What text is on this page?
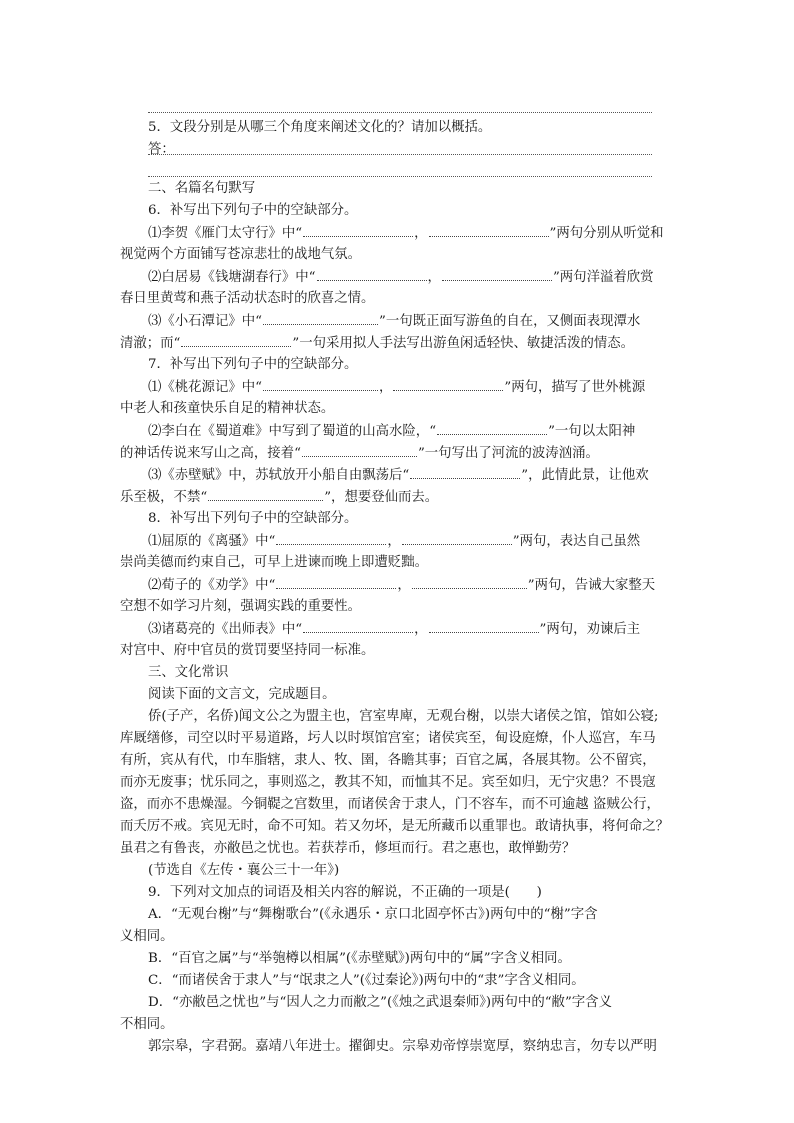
5．文段分别是从哪三个角度来阐述文化的？请加以概括。
答：
二、名篇名句默写
6．补写出下列句子中的空缺部分。
⑴李贺《雁门太守行》中“	，	”两句分别从听觉和
视觉两个方面铺写苍凉悲壮的战地气氛。
⑵白居易《钱塘湖春行》中“	，	”两句洋溢着欣赏
春日里黄莺和燕子活动状态时的欣喜之情。
⑶《小石潭记》中“	”一句既正面写游鱼的自在，又侧面表现潭水
清澈；而“	”一句采用拟人手法写出游鱼闲适轻快、敏捷活泼的情态。
7．补写出下列句子中的空缺部分。
⑴《桃花源记》中“	，	”两句，描写了世外桃源
中老人和孩童快乐自足的精神状态。
⑵李白在《蜀道难》中写到了蜀道的山高水险，“	”一句以太阳神
的神话传说来写山之高，接着“	”一句写出了河流的波涛汹涌。
⑶《赤壁赋》中，苏轼放开小船自由飘荡后“	”，此情此景，让他欢
乐至极，不禁“	”，想要登仙而去。
8．补写出下列句子中的空缺部分。
⑴屈原的《离骚》中“	，	”两句，表达自己虽然
崇尚美德而约束自己，可早上进谏而晚上即遭贬黜。
⑵荀子的《劝学》中“	，	”两句，告诫大家整天
空想不如学习片刻，强调实践的重要性。
⑶诸葛亮的《出师表》中“	，	”两句，劝谏后主
对宫中、府中官员的赏罚要坚持同一标准。
三、文化常识
阅读下面的文言文，完成题目。
侨(子产，名侨)闻文公之为盟主也，宫室卑庳，无观台榭，以崇大诸侯之馆，馆如公寝;
库厩缮修，司空以时平易道路，圬人以时塓馆宫室；诸侯宾至，甸设庭燎，仆人巡宫，车马
有所，宾从有代，巾车脂辖，隶人、牧、圉，各瞻其事；百官之属，各展其物。公不留宾，
而亦无废事；忧乐同之，事则巡之，教其不知，而恤其不足。宾至如归，无宁灾患？不畏寇
盗，而亦不患燥湿。今铜鞮之宫数里，而诸侯舍于隶人，门不容车，而不可逾越 盗贼公行，
而夭厉不戒。宾见无时，命不可知。若又勿坏，是无所藏币以重罪也。敢请执事，将何命之？
虽君之有鲁丧，亦敝邑之忧也。若获荐币，修垣而行。君之惠也，敢惮勤劳？
(节选自《左传・襄公三十一年》)
9．下列对文加点的词语及相关内容的解说，不正确的一项是(　　)
A．“无观台榭”与“舞榭歌台”(《永遇乐・京口北固亭怀古》)两句中的“榭”字含
义相同。
B．“百官之属”与“举匏樽以相属”(《赤壁赋》)两句中的“属”字含义相同。
C．“而诸侯舍于隶人”与“氓隶之人”(《过秦论》)两句中的“隶”字含义相同。
D．“亦敝邑之忧也”与“因人之力而敝之”(《烛之武退秦师》)两句中的“敝”字含义
不相同。
郭宗皋，字君弼。嘉靖八年进士。擢御史。宗皋劝帝惇崇宽厚，察纳忠言，勿专以严明
